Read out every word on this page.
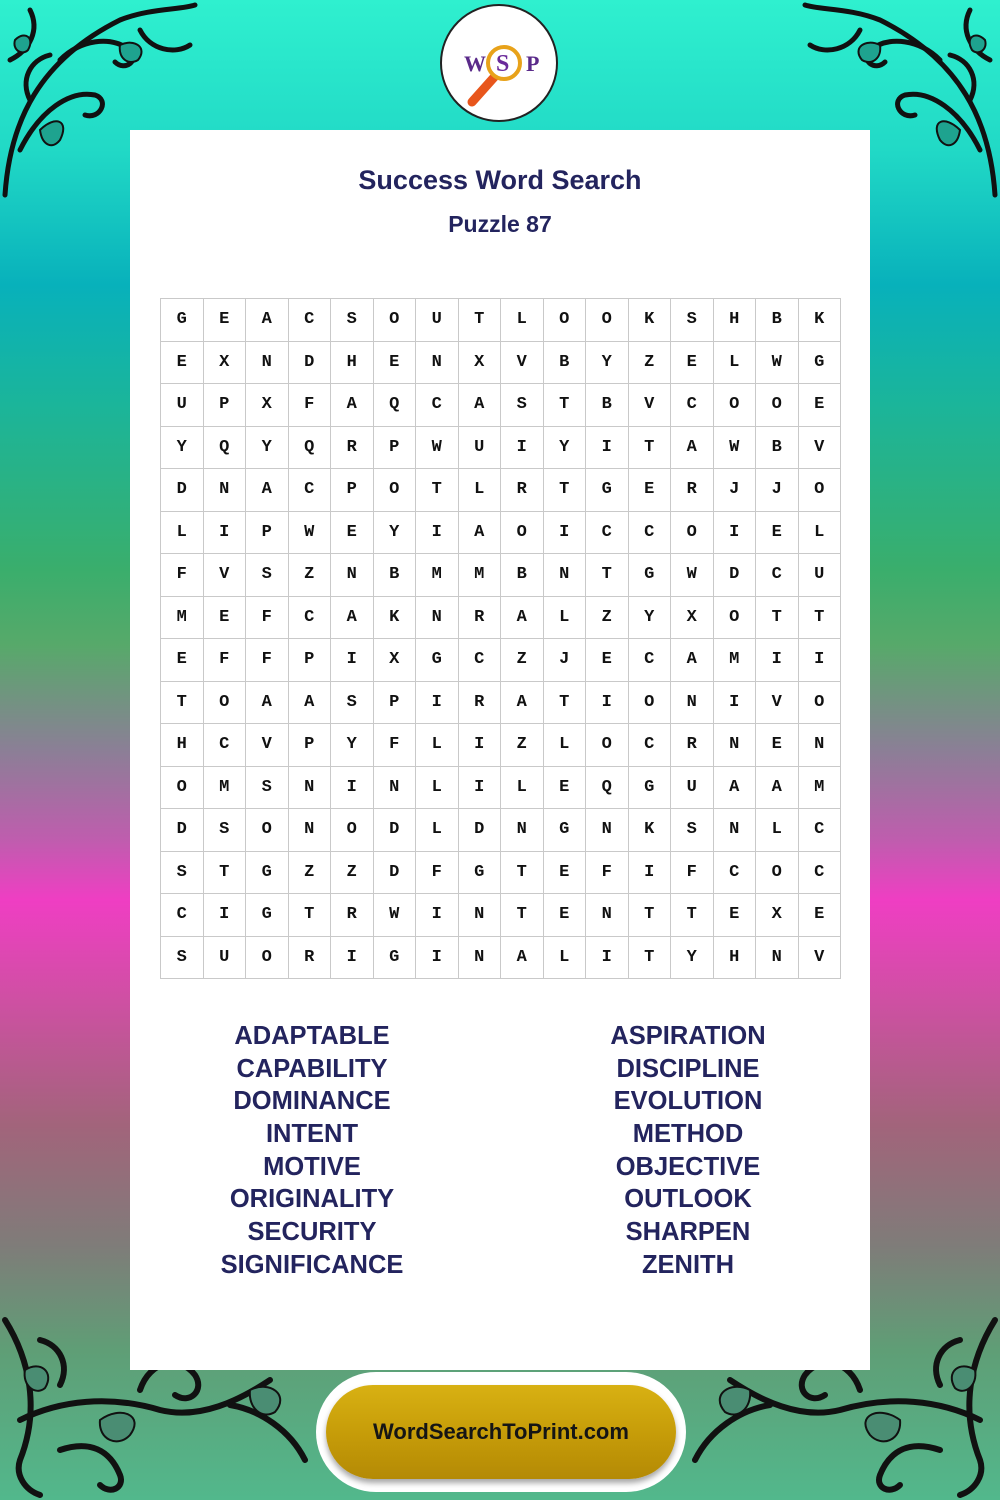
W S P
Success Word Search
Puzzle 87
G	E	A	C	S	O	U	T	L	O	O	K	S	H	B	K
E	X	N	D	H	E	N	X	V	B	Y	Z	E	L	W	G
U	P	X	F	A	Q	C	A	S	T	B	V	C	O	O	E
Y	Q	Y	Q	R	P	W	U	I	Y	I	T	A	W	B	V
D	N	A	C	P	O	T	L	R	T	G	E	R	J	J	O
L	I	P	W	E	Y	I	A	O	I	C	C	O	I	E	L
F	V	S	Z	N	B	M	M	B	N	T	G	W	D	C	U
M	E	F	C	A	K	N	R	A	L	Z	Y	X	O	T	T
E	F	F	P	I	X	G	C	Z	J	E	C	A	M	I	I
T	O	A	A	S	P	I	R	A	T	I	O	N	I	V	O
H	C	V	P	Y	F	L	I	Z	L	O	C	R	N	E	N
O	M	S	N	I	N	L	I	L	E	Q	G	U	A	A	M
D	S	O	N	O	D	L	D	N	G	N	K	S	N	L	C
S	T	G	Z	Z	D	F	G	T	E	F	I	F	C	O	C
C	I	G	T	R	W	I	N	T	E	N	T	T	E	X	E
S	U	O	R	I	G	I	N	A	L	I	T	Y	H	N	V
ADAPTABLE
CAPABILITY
DOMINANCE
INTENT
MOTIVE
ORIGINALITY
SECURITY
SIGNIFICANCE
ASPIRATION
DISCIPLINE
EVOLUTION
METHOD
OBJECTIVE
OUTLOOK
SHARPEN
ZENITH
WordSearchToPrint.com
